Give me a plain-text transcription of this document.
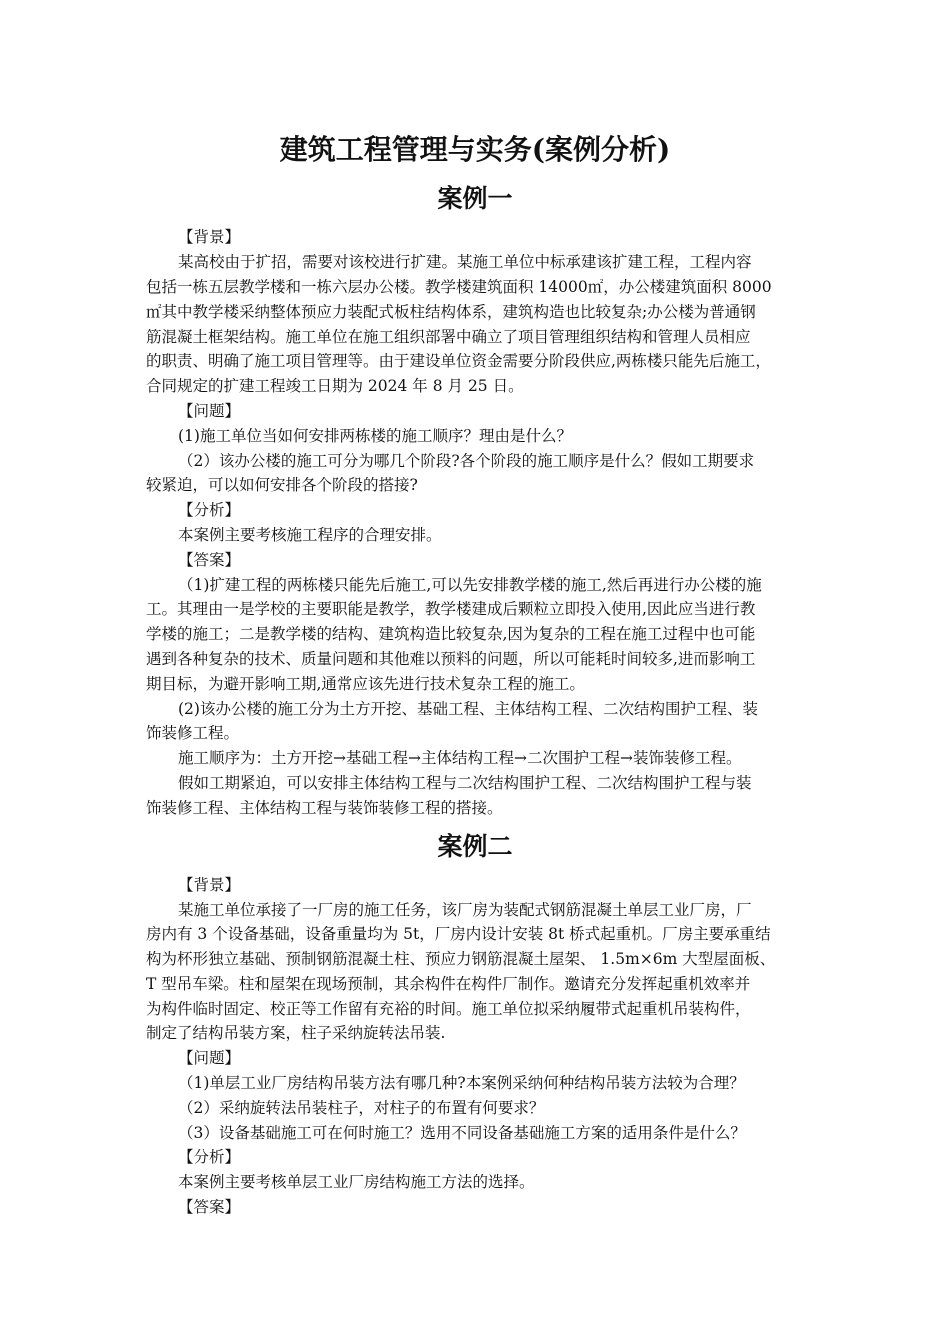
建筑工程管理与实务(案例分析)
案例一
【背景】
某高校由于扩招，需要对该校进行扩建。某施工单位中标承建该扩建工程，工程内容
包括一栋五层教学楼和一栋六层办公楼。教学楼建筑面积 14000㎡，办公楼建筑面积 8000
㎡其中教学楼采纳整体预应力装配式板柱结构体系，建筑构造也比较复杂;办公楼为普通钢
筋混凝土框架结构。施工单位在施工组织部署中确立了项目管理组织结构和管理人员相应
的职责、明确了施工项目管理等。由于建设单位资金需要分阶段供应,两栋楼只能先后施工，
合同规定的扩建工程竣工日期为 2024 年 8 月 25 日。
【问题】
(1)施工单位当如何安排两栋楼的施工顺序？理由是什么？
（2）该办公楼的施工可分为哪几个阶段?各个阶段的施工顺序是什么？假如工期要求
较紧迫，可以如何安排各个阶段的搭接?
【分析】
本案例主要考核施工程序的合理安排。
【答案】
（1)扩建工程的两栋楼只能先后施工,可以先安排教学楼的施工,然后再进行办公楼的施
工。其理由一是学校的主要职能是教学，教学楼建成后颗粒立即投入使用,因此应当进行教
学楼的施工；二是教学楼的结构、建筑构造比较复杂,因为复杂的工程在施工过程中也可能
遇到各种复杂的技术、质量问题和其他难以预料的问题，所以可能耗时间较多,进而影响工
期目标，为避开影响工期,通常应该先进行技术复杂工程的施工。
(2)该办公楼的施工分为土方开挖、基础工程、主体结构工程、二次结构围护工程、装
饰装修工程。
施工顺序为：土方开挖→基础工程→主体结构工程→二次围护工程→装饰装修工程。
假如工期紧迫，可以安排主体结构工程与二次结构围护工程、二次结构围护工程与装
饰装修工程、主体结构工程与装饰装修工程的搭接。
案例二
【背景】
某施工单位承接了一厂房的施工任务，该厂房为装配式钢筋混凝土单层工业厂房，厂
房内有 3 个设备基础，设备重量均为 5t，厂房内设计安装 8t 桥式起重机。厂房主要承重结
构为杯形独立基础、预制钢筋混凝土柱、预应力钢筋混凝土屋架、 1.5m×6m 大型屋面板、
T 型吊车梁。柱和屋架在现场预制，其余构件在构件厂制作。邀请充分发挥起重机效率并
为构件临时固定、校正等工作留有充裕的时间。施工单位拟采纳履带式起重机吊装构件，
制定了结构吊装方案，柱子采纳旋转法吊装.
【问题】
（1)单层工业厂房结构吊装方法有哪几种?本案例采纳何种结构吊装方法较为合理？
（2）采纳旋转法吊装柱子，对柱子的布置有何要求？
（3）设备基础施工可在何时施工？选用不同设备基础施工方案的适用条件是什么？
【分析】
本案例主要考核单层工业厂房结构施工方法的选择。
【答案】
